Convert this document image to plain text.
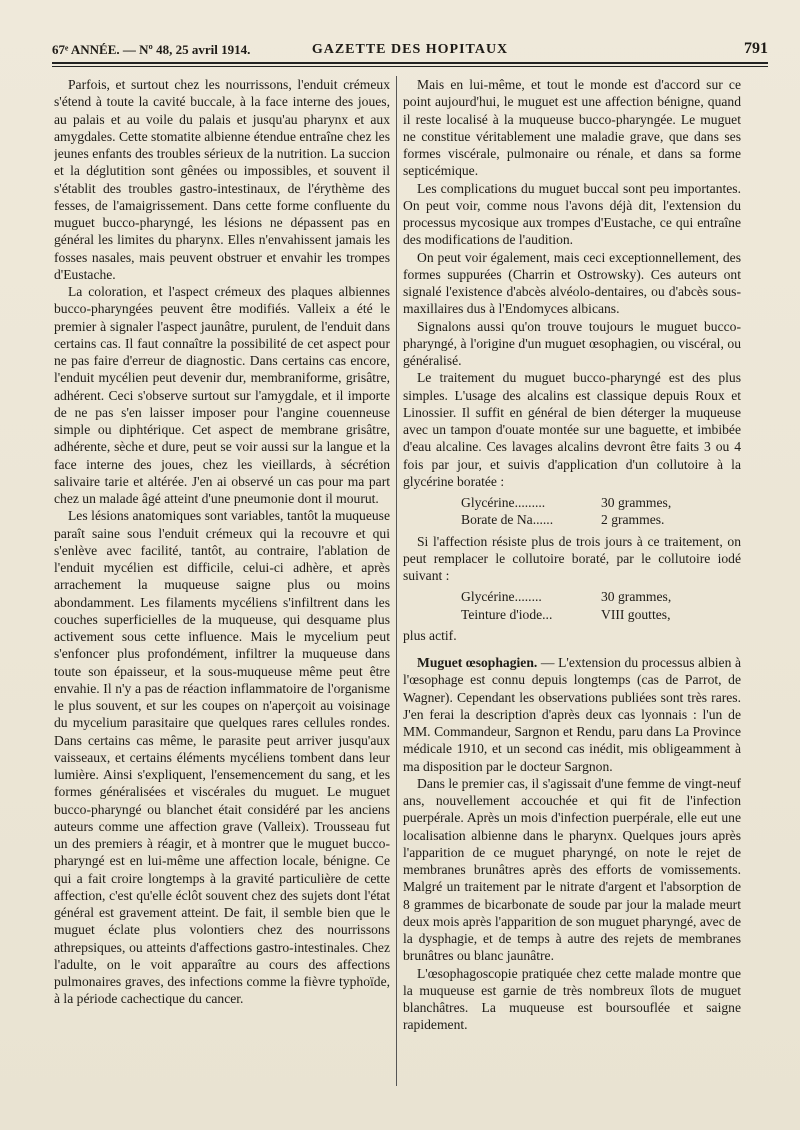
67ᵉ ANNÉE. — Nº 48, 25 avril 1914.	GAZETTE DES HOPITAUX	791

Parfois, et surtout chez les nourrissons, l'enduit crémeux s'étend à toute la cavité buccale, à la face interne des joues, au palais et au voile du palais et jusqu'au pharynx et aux amygdales. Cette stomatite albienne étendue entraîne chez les jeunes enfants des troubles sérieux de la nutrition. La succion et la déglutition sont gênées ou impossibles, et souvent il s'établit des troubles gastro-intestinaux, de l'érythème des fesses, de l'amaigrissement. Dans cette forme confluente du muguet bucco-pharyngé, les lésions ne dépassent pas en général les limites du pharynx. Elles n'envahissent jamais les fosses nasales, mais peuvent obstruer et envahir les trompes d'Eustache.

La coloration, et l'aspect crémeux des plaques albiennes bucco-pharyngées peuvent être modifiés. Valleix a été le premier à signaler l'aspect jaunâtre, purulent, de l'enduit dans certains cas. Il faut connaître la possibilité de cet aspect pour ne pas faire d'erreur de diagnostic. Dans certains cas encore, l'enduit mycélien peut devenir dur, membraniforme, grisâtre, adhérent. Ceci s'observe surtout sur l'amygdale, et il importe de ne pas s'en laisser imposer pour l'angine couenneuse simple ou diphtérique. Cet aspect de membrane grisâtre, adhérente, sèche et dure, peut se voir aussi sur la langue et la face interne des joues, chez les vieillards, à sécrétion salivaire tarie et altérée. J'en ai observé un cas pour ma part chez un malade âgé atteint d'une pneumonie dont il mourut.

Les lésions anatomiques sont variables, tantôt la muqueuse paraît saine sous l'enduit crémeux qui la recouvre et qui s'enlève avec facilité, tantôt, au contraire, l'ablation de l'enduit mycélien est difficile, celui-ci adhère, et après arrachement la muqueuse saigne plus ou moins abondamment. Les filaments mycéliens s'infiltrent dans les couches superficielles de la muqueuse, qui desquame plus activement sous cette influence. Mais le mycelium peut s'enfoncer plus profondément, infiltrer la muqueuse dans toute son épaisseur, et la sous-muqueuse même peut être envahie. Il n'y a pas de réaction inflammatoire de l'organisme le plus souvent, et sur les coupes on n'aperçoit au voisinage du mycelium parasitaire que quelques rares cellules rondes. Dans certains cas même, le parasite peut arriver jusqu'aux vaisseaux, et certains éléments mycéliens tombent dans leur lumière. Ainsi s'expliquent, l'ensemencement du sang, et les formes généralisées et viscérales du muguet. Le muguet bucco-pharyngé ou blanchet était considéré par les anciens auteurs comme une affection grave (Valleix). Trousseau fut un des premiers à réagir, et à montrer que le muguet bucco-pharyngé est en lui-même une affection locale, bénigne. Ce qui a fait croire longtemps à la gravité particulière de cette affection, c'est qu'elle éclôt souvent chez des sujets dont l'état général est gravement atteint. De fait, il semble bien que le muguet éclate plus volontiers chez des nourrissons athrepsiques, ou atteints d'affections gastro-intestinales. Chez l'adulte, on le voit apparaître au cours des affections pulmonaires graves, des infections comme la fièvre typhoïde, à la période cachectique du cancer.

Mais en lui-même, et tout le monde est d'accord sur ce point aujourd'hui, le muguet est une affection bénigne, quand il reste localisé à la muqueuse bucco-pharyngée. Le muguet ne constitue véritablement une maladie grave, que dans ses formes viscérale, pulmonaire ou rénale, et dans sa forme septicémique.

Les complications du muguet buccal sont peu importantes. On peut voir, comme nous l'avons déjà dit, l'extension du processus mycosique aux trompes d'Eustache, ce qui entraîne des modifications de l'audition.

On peut voir également, mais ceci exceptionnellement, des formes suppurées (Charrin et Ostrowsky). Ces auteurs ont signalé l'existence d'abcès alvéolo-dentaires, ou d'abcès sous-maxillaires dus à l'Endomyces albicans.

Signalons aussi qu'on trouve toujours le muguet bucco-pharyngé, à l'origine d'un muguet œsophagien, ou viscéral, ou généralisé.

Le traitement du muguet bucco-pharyngé est des plus simples. L'usage des alcalins est classique depuis Roux et Linossier. Il suffit en général de bien déterger la muqueuse avec un tampon d'ouate montée sur une baguette, et imbibée d'eau alcaline. Ces lavages alcalins devront être faits 3 ou 4 fois par jour, et suivis d'application d'un collutoire à la glycérine boratée :

Glycérine.........	30 grammes,
Borate de Na......	2 grammes.

Si l'affection résiste plus de trois jours à ce traitement, on peut remplacer le collutoire boraté, par le collutoire iodé suivant :

Glycérine........	30 grammes,
Teinture d'iode...	VIII gouttes,

plus actif.

Muguet œsophagien. — L'extension du processus albien à l'œsophage est connu depuis longtemps (cas de Parrot, de Wagner). Cependant les observations publiées sont très rares. J'en ferai la description d'après deux cas lyonnais : l'un de MM. Commandeur, Sargnon et Rendu, paru dans La Province médicale 1910, et un second cas inédit, mis obligeamment à ma disposition par le docteur Sargnon.

Dans le premier cas, il s'agissait d'une femme de vingt-neuf ans, nouvellement accouchée et qui fit de l'infection puerpérale. Après un mois d'infection puerpérale, elle eut une localisation albienne dans le pharynx. Quelques jours après l'apparition de ce muguet pharyngé, on note le rejet de membranes brunâtres après des efforts de vomissements. Malgré un traitement par le nitrate d'argent et l'absorption de 8 grammes de bicarbonate de soude par jour la malade meurt deux mois après l'apparition de son muguet pharyngé, avec de la dysphagie, et de temps à autre des rejets de membranes brunâtres ou blanc jaunâtre.

L'œsophagoscopie pratiquée chez cette malade montre que la muqueuse est garnie de très nombreux îlots de muguet blanchâtres. La muqueuse est boursouflée et saigne rapidement.
